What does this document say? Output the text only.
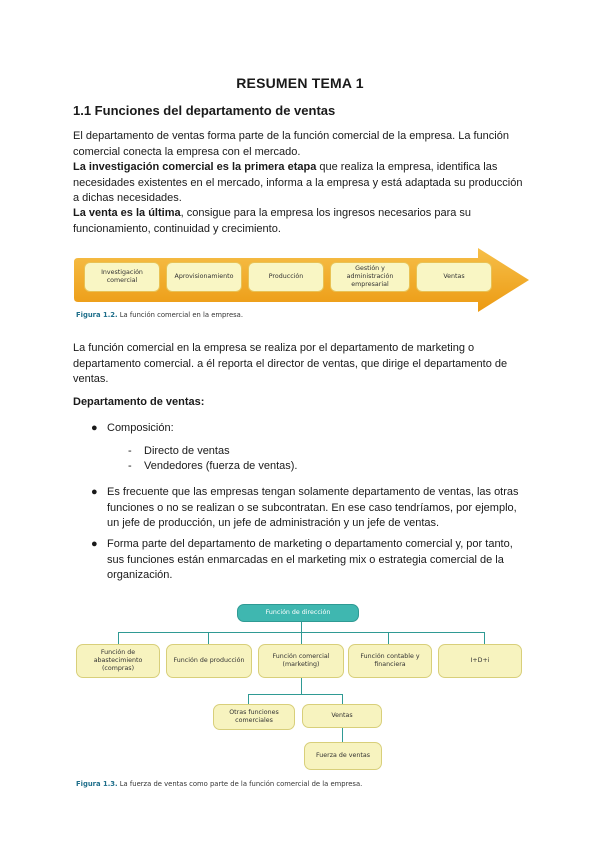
RESUMEN TEMA 1
1.1 Funciones del departamento de ventas
El departamento de ventas forma parte de la función comercial de la empresa. La función
comercial conecta la empresa con el mercado.
La investigación comercial es la primera etapa que realiza la empresa, identifica las
necesidades existentes en el mercado, informa a la empresa y está adaptada su producción
a dichas necesidades.
La venta es la última, consigue para la empresa los ingresos necesarios para su
funcionamiento, continuidad y crecimiento.
Investigación comercial
Aprovisionamiento	Producción
Gestión y administración empresarial
Ventas
Figura 1.2. La función comercial en la empresa.
La función comercial en la empresa se realiza por el departamento de marketing o
departamento comercial. a él reporta el director de ventas, que dirige el departamento de
ventas.
Departamento de ventas:
● Composición:
- Directo de ventas
- Vendedores (fuerza de ventas).
● Es frecuente que las empresas tengan solamente departamento de ventas, las otras
funciones o no se realizan o se subcontratan. En ese caso tendríamos, por ejemplo,
un jefe de producción, un jefe de administración y un jefe de ventas.
● Forma parte del departamento de marketing o departamento comercial y, por tanto,
sus funciones están enmarcadas en el marketing mix o estrategia comercial de la
organización.
Función de dirección
Función de abastecimiento (compras)
Función de producción
Función comercial (marketing)
Función contable y financiera
I+D+i
Otras funciones comerciales
Ventas
Fuerza de ventas
Figura 1.3. La fuerza de ventas como parte de la función comercial de la empresa.
